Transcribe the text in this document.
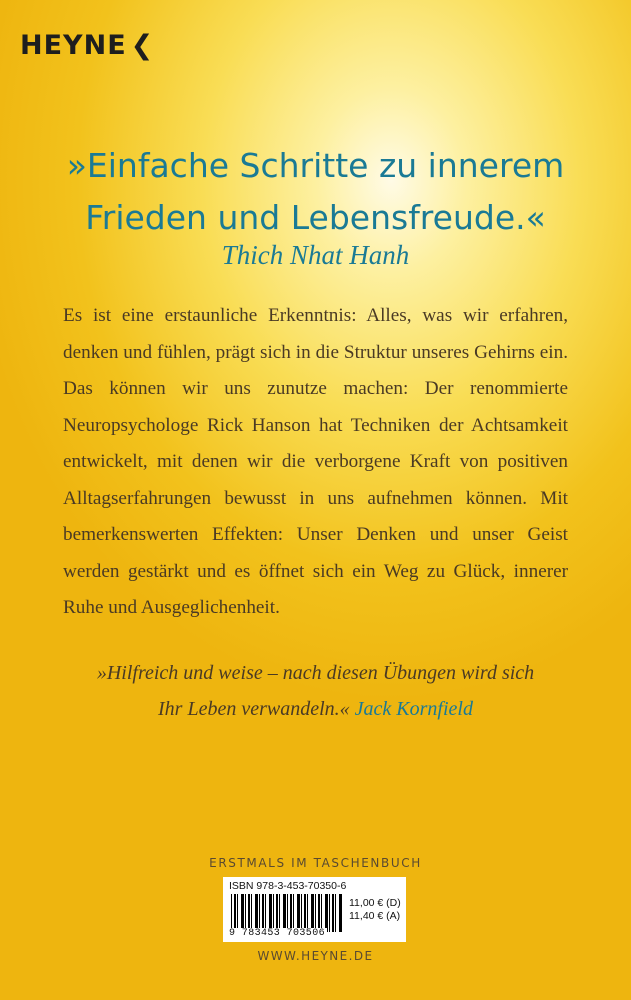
HEYNE ❮
»Einfache Schritte zu innerem
Frieden und Lebensfreude.«
Thich Nhat Hanh
Es ist eine erstaunliche Erkenntnis: Alles, was wir erfahren, denken und fühlen, prägt sich in die Struktur unseres Gehirns ein. Das können wir uns zunutze machen: Der renommierte Neuropsychologe Rick Hanson hat Techniken der Achtsamkeit entwickelt, mit denen wir die verborgene Kraft von positiven Alltagserfahrungen bewusst in uns aufnehmen können. Mit bemerkenswerten Effekten: Unser Denken und unser Geist werden gestärkt und es öffnet sich ein Weg zu Glück, innerer Ruhe und Ausgeglichenheit.
»Hilfreich und weise – nach diesen Übungen wird sich
Ihr Leben verwandeln.« Jack Kornfield
ERSTMALS IM TASCHENBUCH
ISBN 978-3-453-70350-6
9 783453 703506
11,00 € (D)
11,40 € (A)
WWW.HEYNE.DE
